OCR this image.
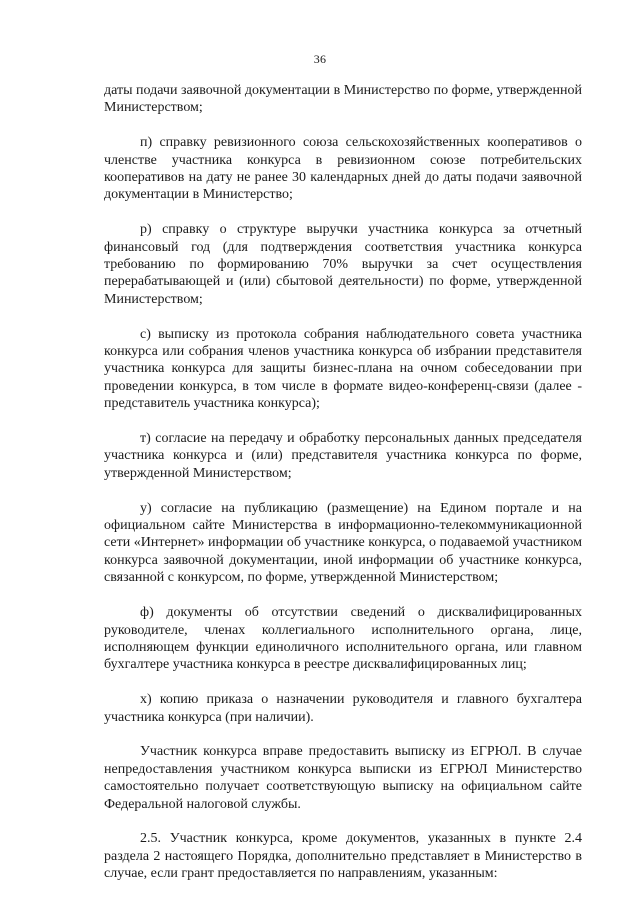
36

даты подачи заявочной документации в Министерство по форме, утвержденной Министерством;

п) справку ревизионного союза сельскохозяйственных кооперативов о членстве участника конкурса в ревизионном союзе потребительских кооперативов на дату не ранее 30 календарных дней до даты подачи заявочной документации в Министерство;

р) справку о структуре выручки участника конкурса за отчетный финансовый год (для подтверждения соответствия участника конкурса требованию по формированию 70% выручки за счет осуществления перерабатывающей и (или) сбытовой деятельности) по форме, утвержденной Министерством;

с) выписку из протокола собрания наблюдательного совета участника конкурса или собрания членов участника конкурса об избрании представителя участника конкурса для защиты бизнес-плана на очном собеседовании при проведении конкурса, в том числе в формате видео-конференц-связи (далее - представитель участника конкурса);

т) согласие на передачу и обработку персональных данных председателя участника конкурса и (или) представителя участника конкурса по форме, утвержденной Министерством;

у) согласие на публикацию (размещение) на Едином портале и на официальном сайте Министерства в информационно-телекоммуникационной сети «Интернет» информации об участнике конкурса, о подаваемой участником конкурса заявочной документации, иной информации об участнике конкурса, связанной с конкурсом, по форме, утвержденной Министерством;

ф) документы об отсутствии сведений о дисквалифицированных руководителе, членах коллегиального исполнительного органа, лице, исполняющем функции единоличного исполнительного органа, или главном бухгалтере участника конкурса в реестре дисквалифицированных лиц;

х) копию приказа о назначении руководителя и главного бухгалтера участника конкурса (при наличии).

Участник конкурса вправе предоставить выписку из ЕГРЮЛ. В случае непредоставления участником конкурса выписки из ЕГРЮЛ Министерство самостоятельно получает соответствующую выписку на официальном сайте Федеральной налоговой службы.

2.5. Участник конкурса, кроме документов, указанных в пункте 2.4 раздела 2 настоящего Порядка, дополнительно представляет в Министерство в случае, если грант предоставляется по направлениям, указанным:
